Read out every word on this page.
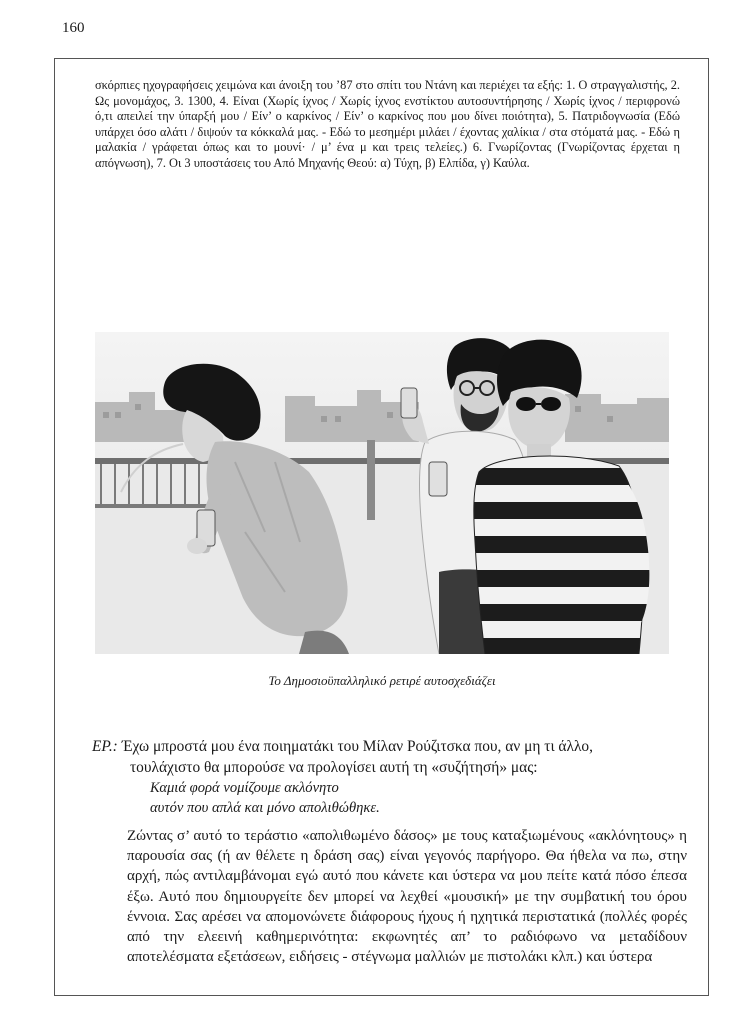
160

σκόρπιες ηχογραφήσεις χειμώνα και άνοιξη του ’87 στο σπίτι του Ντάνη και περιέχει τα εξής: 1. Ο στραγγαλιστής, 2. Ως μονομάχος, 3. 1300, 4. Είναι (Χωρίς ίχνος / Χωρίς ίχνος ενστίκτου αυτοσυντήρησης / Χωρίς ίχνος / περιφρονώ ό,τι απειλεί την ύπαρξή μου / Είν’ ο καρκίνος / Είν’ ο καρκίνος που μου δίνει ποιότητα), 5. Πατριδογνωσία (Εδώ υπάρχει όσο αλάτι / διψούν τα κόκκαλά μας. - Εδώ το μεσημέρι μιλάει / έχοντας χαλίκια / στα στόματά μας. - Εδώ η μαλακία / γράφεται όπως και το μουνί· / μ’ ένα μ και τρεις τελείες.) 6. Γνωρίζοντας (Γνωρίζοντας έρχεται η απόγνωση), 7. Οι 3 υποστάσεις του Από Μηχανής Θεού: α) Τύχη, β) Ελπίδα, γ) Καύλα.

Το Δημοσιοϋπαλληλικό ρετιρέ αυτοσχεδιάζει

ΕΡ.: Έχω μπροστά μου ένα ποιηματάκι του Μίλαν Ρούζιτσκα που, αν μη τι άλλο,
τουλάχιστο θα μπορούσε να προλογίσει αυτή τη «συζήτησή» μας:

Καμιά φορά νομίζουμε ακλόνητο
αυτόν που απλά και μόνο απολιθώθηκε.

Ζώντας σ’ αυτό το τεράστιο «απολιθωμένο δάσος» με τους καταξιωμένους «ακλόνητους» η παρουσία σας (ή αν θέλετε η δράση σας) είναι γεγονός παρήγορο. Θα ήθελα να πω, στην αρχή, πώς αντιλαμβάνομαι εγώ αυτό που κάνετε και ύστερα να μου πείτε κατά πόσο έπεσα έξω. Αυτό που δημιουργείτε δεν μπορεί να λεχθεί «μουσική» με την συμβατική του όρου έννοια. Σας αρέσει να απομονώνετε διάφορους ήχους ή ηχητικά περιστατικά (πολλές φορές από την ελεεινή καθημερινότητα: εκφωνητές απ’ το ραδιόφωνο να μεταδίδουν αποτελέσματα εξετάσεων, ειδήσεις - στέγνωμα μαλλιών με πιστολάκι κλπ.) και ύστερα
